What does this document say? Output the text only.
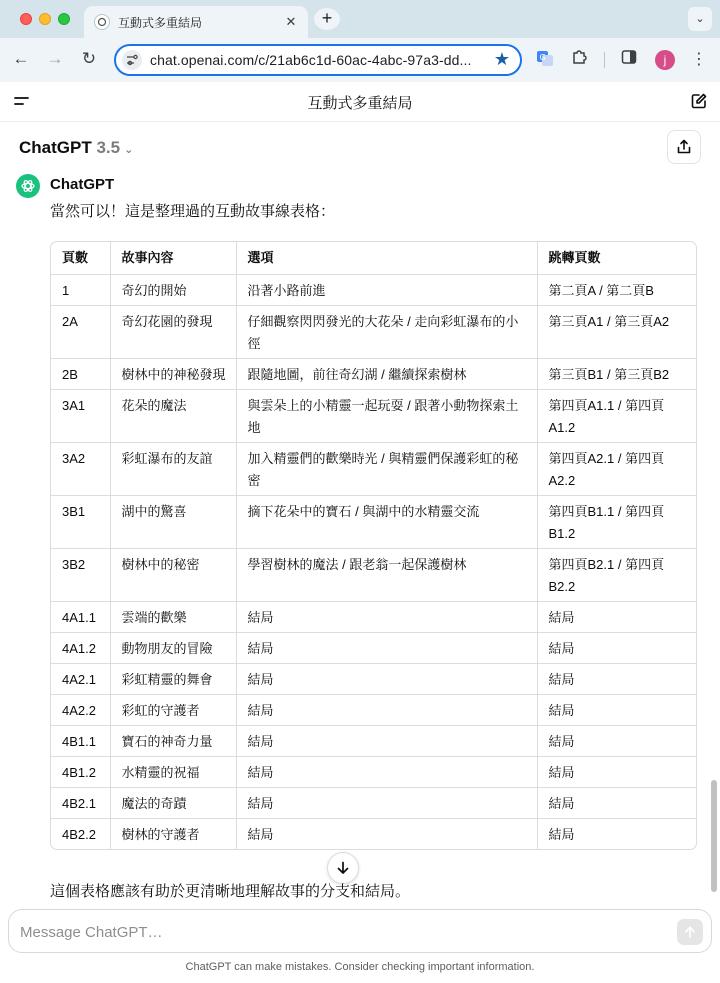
互動式多重結局	✕	+	⌄
← → ↻	chat.openai.com/c/21ab6c1d-60ac-4abc-97a3-dd... ★	G	j	⋮
互動式多重結局
ChatGPT 3.5 ⌄
ChatGPT
當然可以！這是整理過的互動故事線表格：
頁數	故事內容	選項	跳轉頁數
1	奇幻的開始	沿著小路前進	第二頁A / 第二頁B
2A	奇幻花園的發現	仔細觀察閃閃發光的大花朵 / 走向彩虹瀑布的小徑	第三頁A1 / 第三頁A2
2B	樹林中的神秘發現	跟隨地圖，前往奇幻湖 / 繼續探索樹林	第三頁B1 / 第三頁B2
3A1	花朵的魔法	與雲朵上的小精靈一起玩耍 / 跟著小動物探索土地	第四頁A1.1 / 第四頁A1.2
3A2	彩虹瀑布的友誼	加入精靈們的歡樂時光 / 與精靈們保護彩虹的秘密	第四頁A2.1 / 第四頁A2.2
3B1	湖中的驚喜	摘下花朵中的寶石 / 與湖中的水精靈交流	第四頁B1.1 / 第四頁B1.2
3B2	樹林中的秘密	學習樹林的魔法 / 跟老翁一起保護樹林	第四頁B2.1 / 第四頁B2.2
4A1.1	雲端的歡樂	結局	結局
4A1.2	動物朋友的冒險	結局	結局
4A2.1	彩虹精靈的舞會	結局	結局
4A2.2	彩虹的守護者	結局	結局
4B1.1	寶石的神奇力量	結局	結局
4B1.2	水精靈的祝福	結局	結局
4B2.1	魔法的奇蹟	結局	結局
4B2.2	樹林的守護者	結局	結局
這個表格應該有助於更清晰地理解故事的分支和結局。
Message ChatGPT…
ChatGPT can make mistakes. Consider checking important information.
